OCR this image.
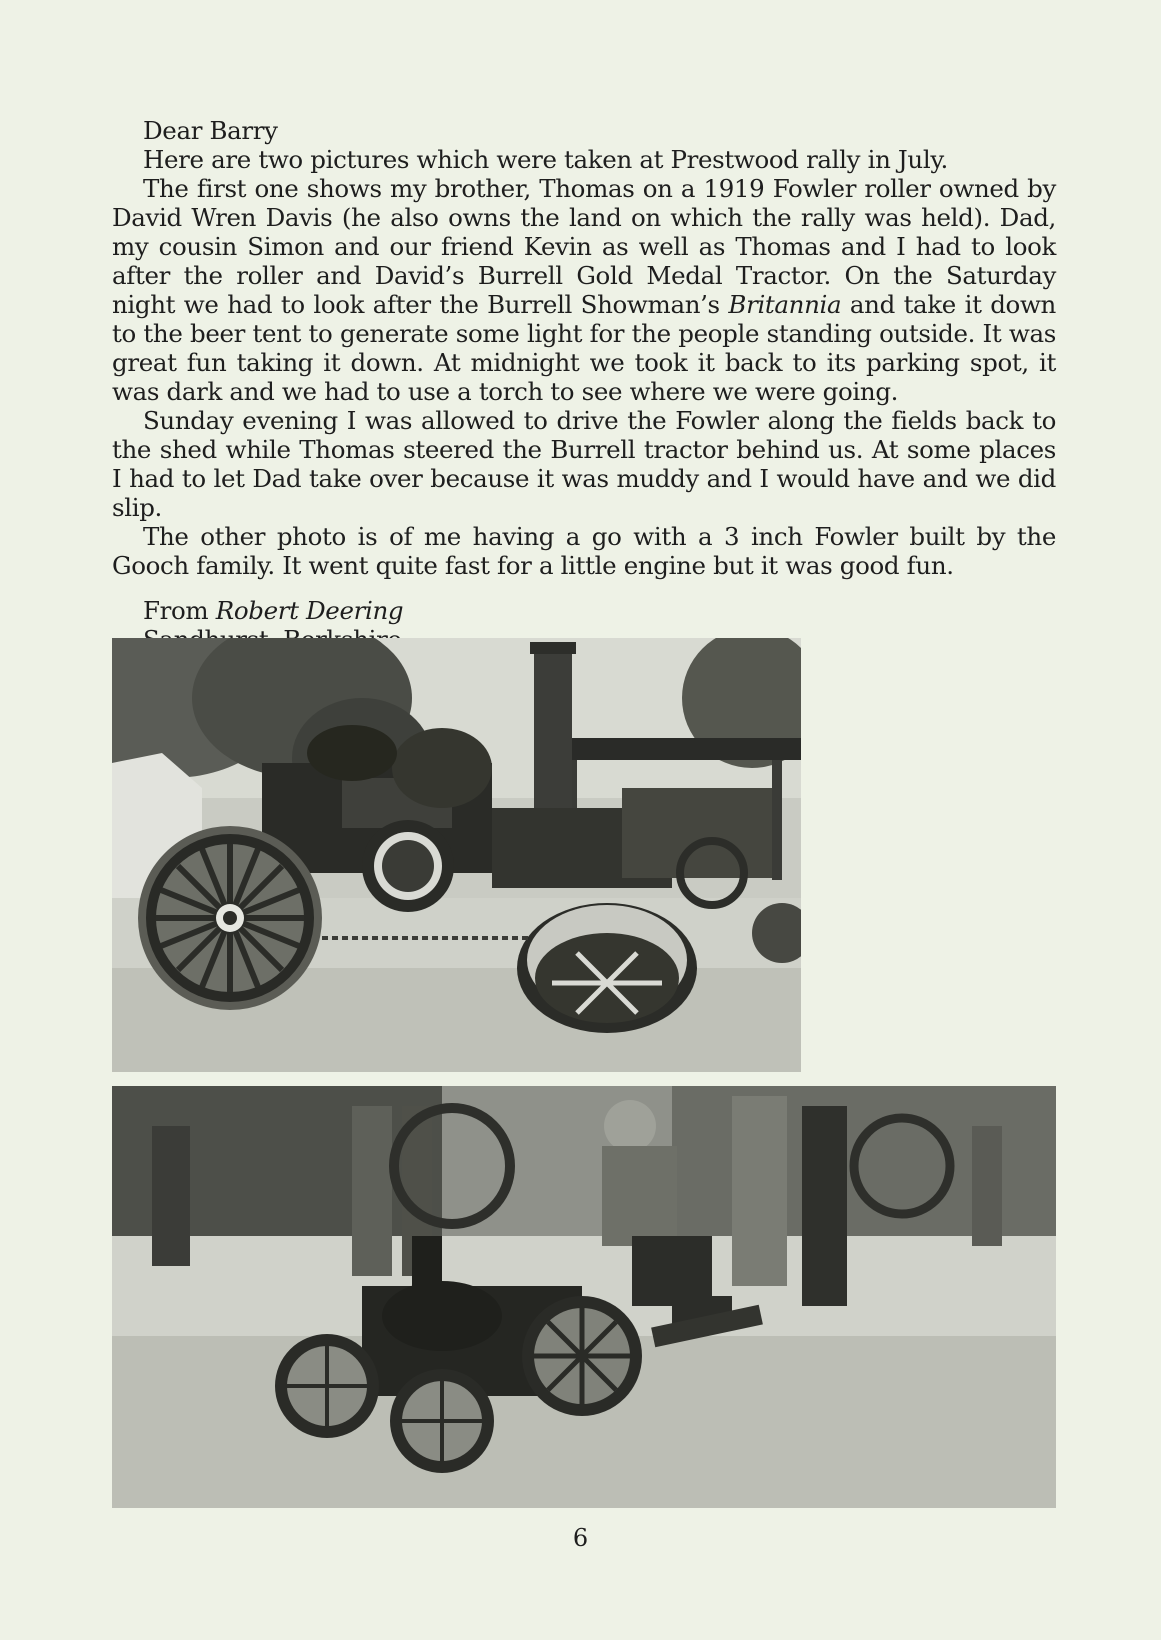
Dear Barry

Here are two pictures which were taken at Prestwood rally in July.

The first one shows my brother, Thomas on a 1919 Fowler roller owned by David Wren Davis (he also owns the land on which the rally was held). Dad, my cousin Simon and our friend Kevin as well as Thomas and I had to look after the roller and David’s Burrell Gold Medal Tractor. On the Saturday night we had to look after the Burrell Showman’s Britannia and take it down to the beer tent to generate some light for the people standing outside. It was great fun taking it down. At midnight we took it back to its parking spot, it was dark and we had to use a torch to see where we were going.

Sunday evening I was allowed to drive the Fowler along the fields back to the shed while Thomas steered the Burrell tractor behind us. At some places I had to let Dad take over because it was muddy and I would have and we did slip.

The other photo is of me having a go with a 3 inch Fowler built by the Gooch family. It went quite fast for a little engine but it was good fun.

From Robert Deering
6
